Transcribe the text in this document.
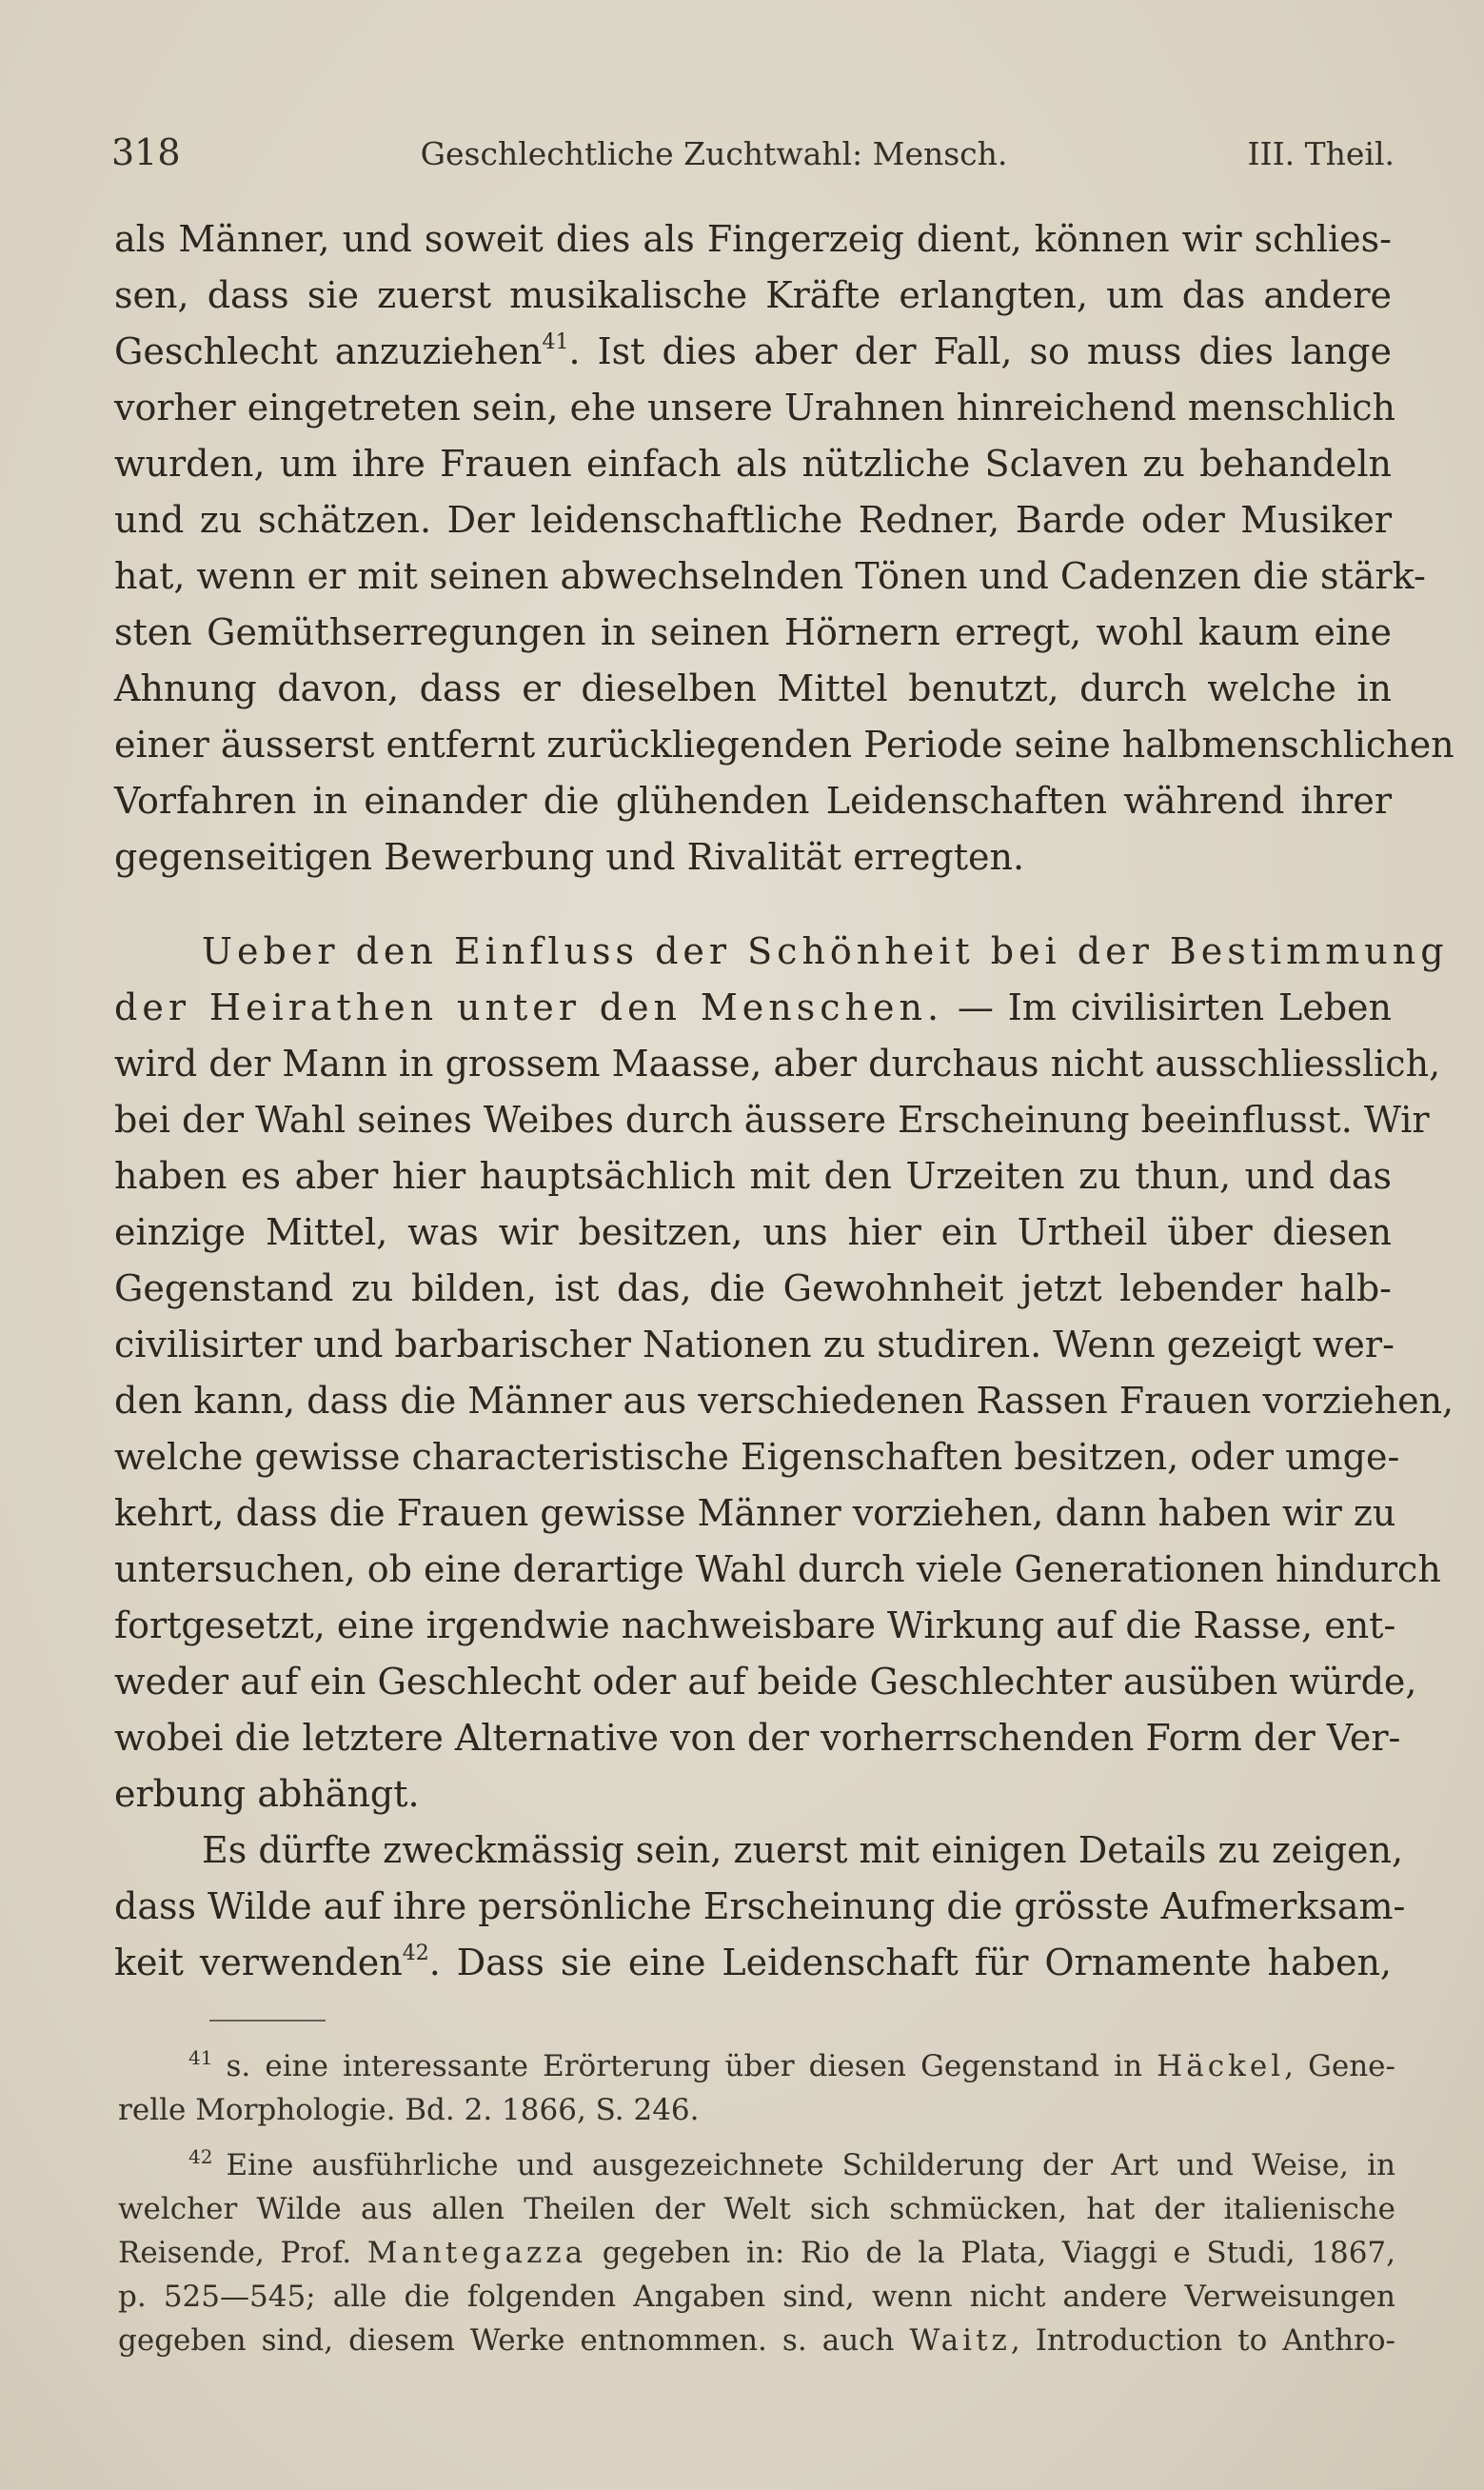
318	Geschlechtliche Zuchtwahl: Mensch.	III. Theil.
als Männer, und soweit dies als Fingerzeig dient, können wir schlies-
sen, dass sie zuerst musikalische Kräfte erlangten, um das andere
Geschlecht anzuziehen$^{41}$. Ist dies aber der Fall, so muss dies lange
vorher eingetreten sein, ehe unsere Urahnen hinreichend menschlich
wurden, um ihre Frauen einfach als nützliche Sclaven zu behandeln
und zu schätzen. Der leidenschaftliche Redner, Barde oder Musiker
hat, wenn er mit seinen abwechselnden Tönen und Cadenzen die stärk-
sten Gemüthserregungen in seinen Hörnern erregt, wohl kaum eine
Ahnung davon, dass er dieselben Mittel benutzt, durch welche in
einer äusserst entfernt zurückliegenden Periode seine halbmenschlichen
Vorfahren in einander die glühenden Leidenschaften während ihrer
gegenseitigen Bewerbung und Rivalität erregten.
Ueber den Einfluss der Schönheit bei der Bestimmung
der Heirathen unter den Menschen. — Im civilisirten Leben
wird der Mann in grossem Maasse, aber durchaus nicht ausschliesslich,
bei der Wahl seines Weibes durch äussere Erscheinung beeinflusst. Wir
haben es aber hier hauptsächlich mit den Urzeiten zu thun, und das
einzige Mittel, was wir besitzen, uns hier ein Urtheil über diesen
Gegenstand zu bilden, ist das, die Gewohnheit jetzt lebender halb-
civilisirter und barbarischer Nationen zu studiren. Wenn gezeigt wer-
den kann, dass die Männer aus verschiedenen Rassen Frauen vorziehen,
welche gewisse characteristische Eigenschaften besitzen, oder umge-
kehrt, dass die Frauen gewisse Männer vorziehen, dann haben wir zu
untersuchen, ob eine derartige Wahl durch viele Generationen hindurch
fortgesetzt, eine irgendwie nachweisbare Wirkung auf die Rasse, ent-
weder auf ein Geschlecht oder auf beide Geschlechter ausüben würde,
wobei die letztere Alternative von der vorherrschenden Form der Ver-
erbung abhängt.
Es dürfte zweckmässig sein, zuerst mit einigen Details zu zeigen,
dass Wilde auf ihre persönliche Erscheinung die grösste Aufmerksam-
keit verwenden$^{42}$. Dass sie eine Leidenschaft für Ornamente haben,
$^{41}$ s. eine interessante Erörterung über diesen Gegenstand in Häckel, Gene-
relle Morphologie. Bd. 2. 1866, S. 246.
$^{42}$ Eine ausführliche und ausgezeichnete Schilderung der Art und Weise, in
welcher Wilde aus allen Theilen der Welt sich schmücken, hat der italienische
Reisende, Prof. Mantegazza gegeben in: Rio de la Plata, Viaggi e Studi, 1867,
p. 525—545; alle die folgenden Angaben sind, wenn nicht andere Verweisungen
gegeben sind, diesem Werke entnommen. s. auch Waitz, Introduction to Anthro-
